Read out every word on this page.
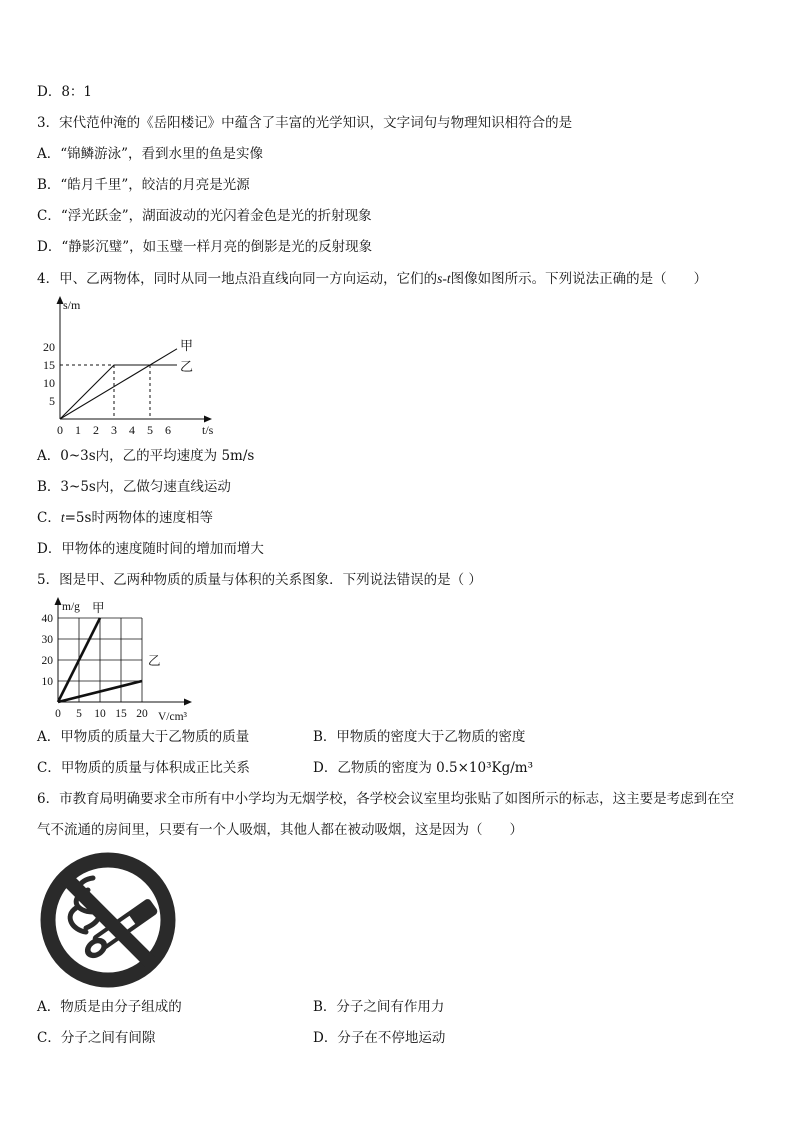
D．8：1
3．宋代范仲淹的《岳阳楼记》中蕴含了丰富的光学知识，文字词句与物理知识相符合的是
A．“锦鳞游泳”，看到水里的鱼是实像
B．“皓月千里”，皎洁的月亮是光源
C．“浮光跃金”，湖面波动的光闪着金色是光的折射现象
D．“静影沉璧”，如玉璧一样月亮的倒影是光的反射现象
4．甲、乙两物体，同时从同一地点沿直线向同一方向运动，它们的s-t图像如图所示。下列说法正确的是（　　）
s/m
t/s
0 1 2 3 4 5 6
5
10
15
20	甲
乙
A．0~3s内，乙的平均速度为 5m/s
B．3~5s内，乙做匀速直线运动
C．t=5s时两物体的速度相等
D．甲物体的速度随时间的增加而增大
5．图是甲、乙两种物质的质量与体积的关系图象．下列说法错误的是（ ）
m/g
V/cm³
0 5 10 15 20
10
20
30
40
甲
乙
A．甲物质的质量大于乙物质的质量	B．甲物质的密度大于乙物质的密度
C．甲物质的质量与体积成正比关系	D．乙物质的密度为 0.5×10³Kg/m³
6．市教育局明确要求全市所有中小学均为无烟学校，各学校会议室里均张贴了如图所示的标志，这主要是考虑到在空
气不流通的房间里，只要有一个人吸烟，其他人都在被动吸烟，这是因为（　　）
A．物质是由分子组成的	B．分子之间有作用力
C．分子之间有间隙	D．分子在不停地运动
